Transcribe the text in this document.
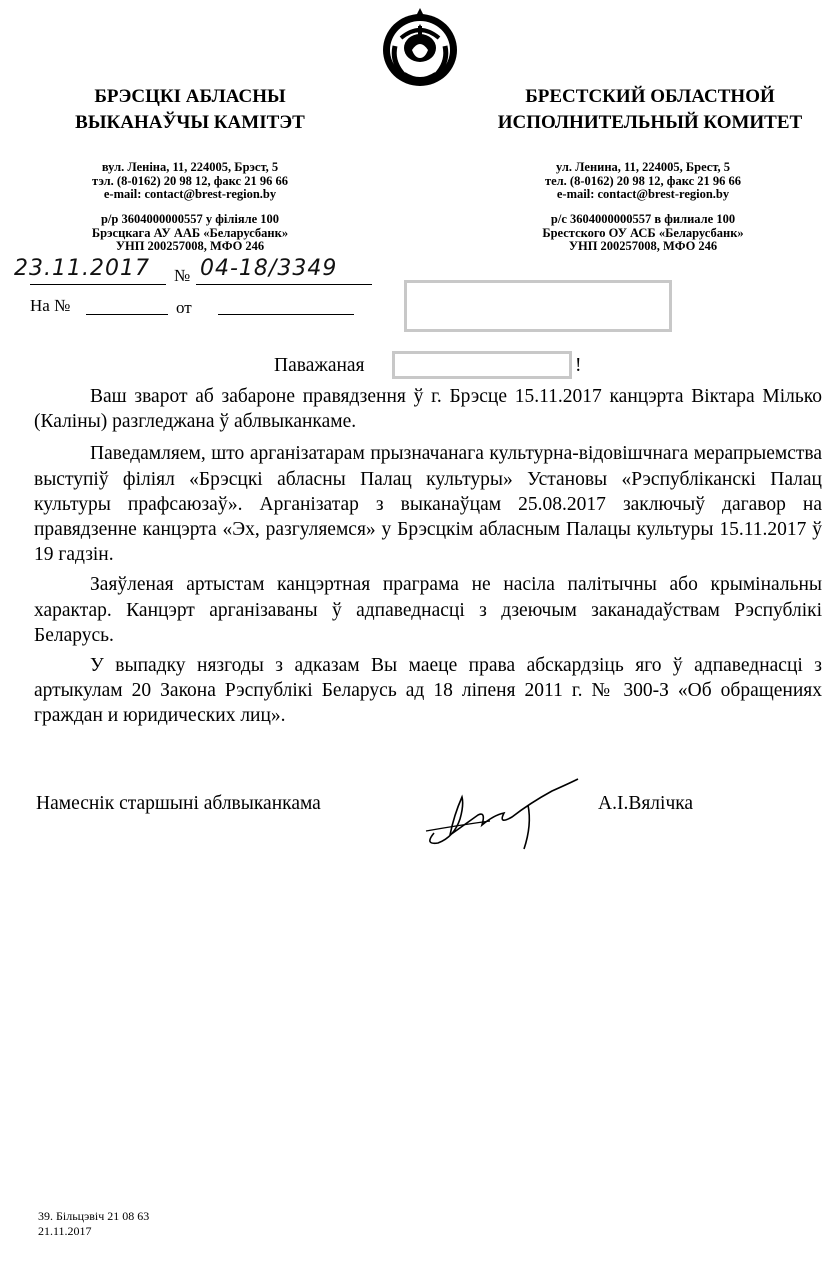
БРЭСЦКІ АБЛАСНЫ
ВЫКАНАЎЧЫ КАМІТЭТ
вул. Леніна, 11, 224005, Брэст, 5
тэл. (8-0162) 20 98 12, факс 21 96 66
e-mail: contact@brest-region.by
р/р 3604000000557 у філіяле 100
Брэсцкага АУ ААБ «Беларусбанк»
УНП 200257008, МФО 246
БРЕСТСКИЙ ОБЛАСТНОЙ
ИСПОЛНИТЕЛЬНЫЙ КОМИТЕТ
ул. Ленина, 11, 224005, Брест, 5
тел. (8-0162) 20 98 12, факс 21 96 66
e-mail: contact@brest-region.by
р/с 3604000000557 в филиале 100
Брестского ОУ АСБ «Беларусбанк»
УНП 200257008, МФО 246
23.11.2017 № 04-18/3349
На №	от
Паважаная	!

Ваш зварот аб забароне правядзення ў г. Брэсце 15.11.2017 канцэрта Віктара Мілько (Каліны) разгледжана ў аблвыканкаме.

Паведамляем, што арганізатарам прызначанага культурна-відовішчнага мерапрыемства выступіў філіял «Брэсцкі абласны Палац культуры» Установы «Рэспубліканскі Палац культуры прафсаюзаў». Арганізатар з выканаўцам 25.08.2017 заключыў дагавор на правядзенне канцэрта «Эх, разгуляемся» у Брэсцкім абласным Палацы культуры 15.11.2017 ў 19 гадзін.

Заяўленая артыстам канцэртная праграма не насіла палітычны або крымінальны характар. Канцэрт арганізаваны ў адпаведнасці з дзеючым заканадаўствам Рэспублікі Беларусь.

У выпадку нязгоды з адказам Вы маеце права абскардзіць яго ў адпаведнасці з артыкулам 20 Закона Рэспублікі Беларусь ад 18 ліпеня 2011 г. № 300-З «Об обращениях граждан и юридических лиц».

Намеснік старшыні аблвыканкама	А.І.Вялічка
39. Більцэвіч 21 08 63
21.11.2017
